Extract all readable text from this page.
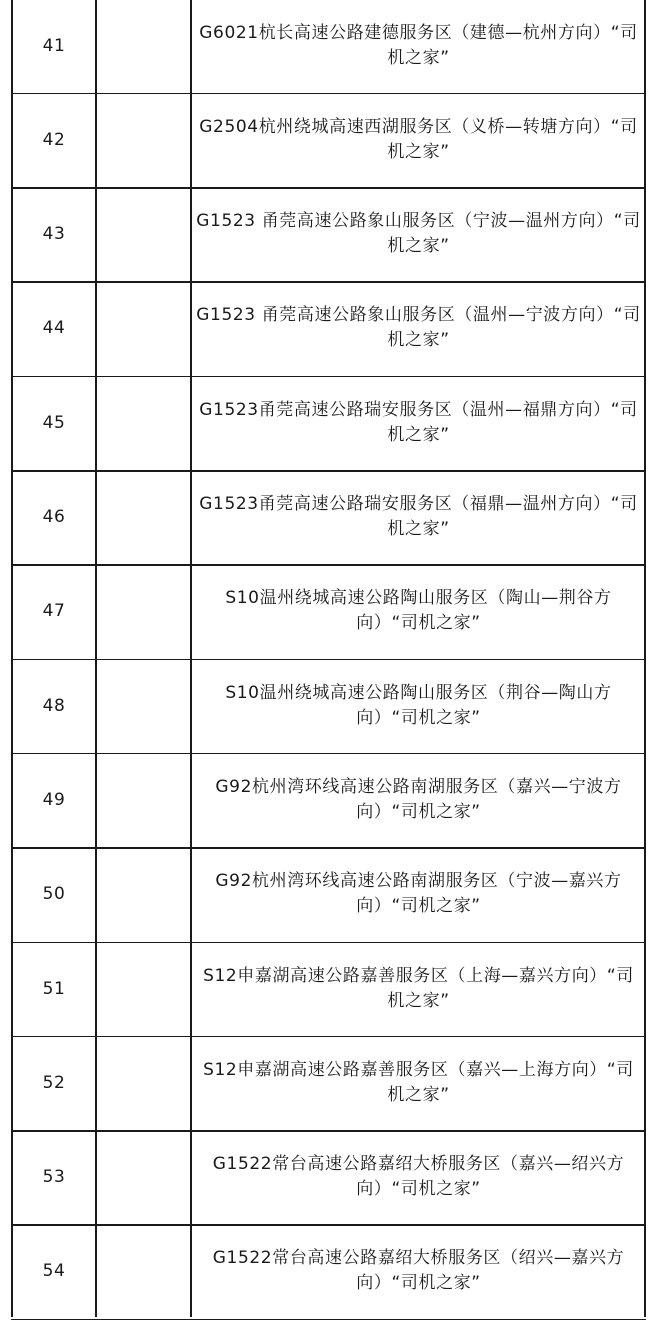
41
G6021杭长高速公路建德服务区（建德—杭州方向）“司机之家”
42
G2504杭州绕城高速西湖服务区（义桥—转塘方向）“司机之家”
43
G1523 甬莞高速公路象山服务区（宁波—温州方向）“司机之家”
44
G1523 甬莞高速公路象山服务区（温州—宁波方向）“司机之家”
45
G1523甬莞高速公路瑞安服务区（温州—福鼎方向）“司机之家”
46
G1523甬莞高速公路瑞安服务区（福鼎—温州方向）“司机之家”
47
S10温州绕城高速公路陶山服务区（陶山—荆谷方向）“司机之家”
48
S10温州绕城高速公路陶山服务区（荆谷—陶山方向）“司机之家”
49
G92杭州湾环线高速公路南湖服务区（嘉兴—宁波方向）“司机之家”
50
G92杭州湾环线高速公路南湖服务区（宁波—嘉兴方向）“司机之家”
51
S12申嘉湖高速公路嘉善服务区（上海—嘉兴方向）“司机之家”
52
S12申嘉湖高速公路嘉善服务区（嘉兴—上海方向）“司机之家”
53
G1522常台高速公路嘉绍大桥服务区（嘉兴—绍兴方向）“司机之家”
54
G1522常台高速公路嘉绍大桥服务区（绍兴—嘉兴方向）“司机之家”
